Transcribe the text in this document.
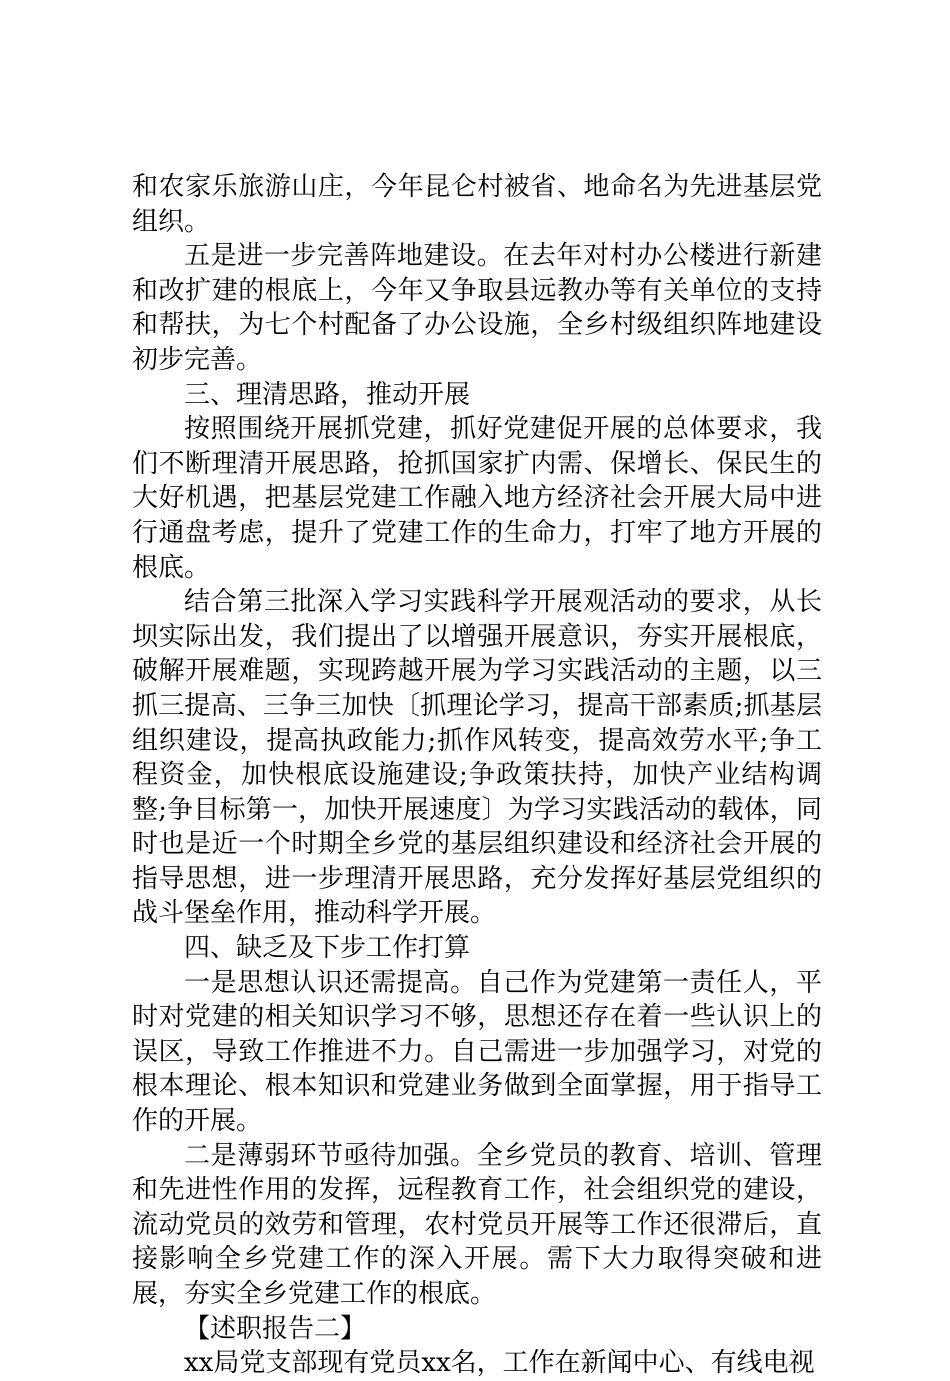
和农家乐旅游山庄，今年昆仑村被省、地命名为先进基层党组织。

五是进一步完善阵地建设。在去年对村办公楼进行新建和改扩建的根底上，今年又争取县远教办等有关单位的支持和帮扶，为七个村配备了办公设施，全乡村级组织阵地建设初步完善。

三、理清思路，推动开展

按照围绕开展抓党建，抓好党建促开展的总体要求，我们不断理清开展思路，抢抓国家扩内需、保增长、保民生的大好机遇，把基层党建工作融入地方经济社会开展大局中进行通盘考虑，提升了党建工作的生命力，打牢了地方开展的根底。

结合第三批深入学习实践科学开展观活动的要求，从长坝实际出发，我们提出了以增强开展意识，夯实开展根底，破解开展难题，实现跨越开展为学习实践活动的主题，以三抓三提高、三争三加快〔抓理论学习，提高干部素质;抓基层组织建设，提高执政能力;抓作风转变，提高效劳水平;争工程资金，加快根底设施建设;争政策扶持，加快产业结构调整;争目标第一，加快开展速度〕为学习实践活动的载体，同时也是近一个时期全乡党的基层组织建设和经济社会开展的指导思想，进一步理清开展思路，充分发挥好基层党组织的战斗堡垒作用，推动科学开展。

四、缺乏及下步工作打算

一是思想认识还需提高。自己作为党建第一责任人，平时对党建的相关知识学习不够，思想还存在着一些认识上的误区，导致工作推进不力。自己需进一步加强学习，对党的根本理论、根本知识和党建业务做到全面掌握，用于指导工作的开展。

二是薄弱环节亟待加强。全乡党员的教育、培训、管理和先进性作用的发挥，远程教育工作，社会组织党的建设，流动党员的效劳和管理，农村党员开展等工作还很滞后，直接影响全乡党建工作的深入开展。需下大力取得突破和进展，夯实全乡党建工作的根底。

【述职报告二】

xx局党支部现有党员xx名，工作在新闻中心、有线电视
